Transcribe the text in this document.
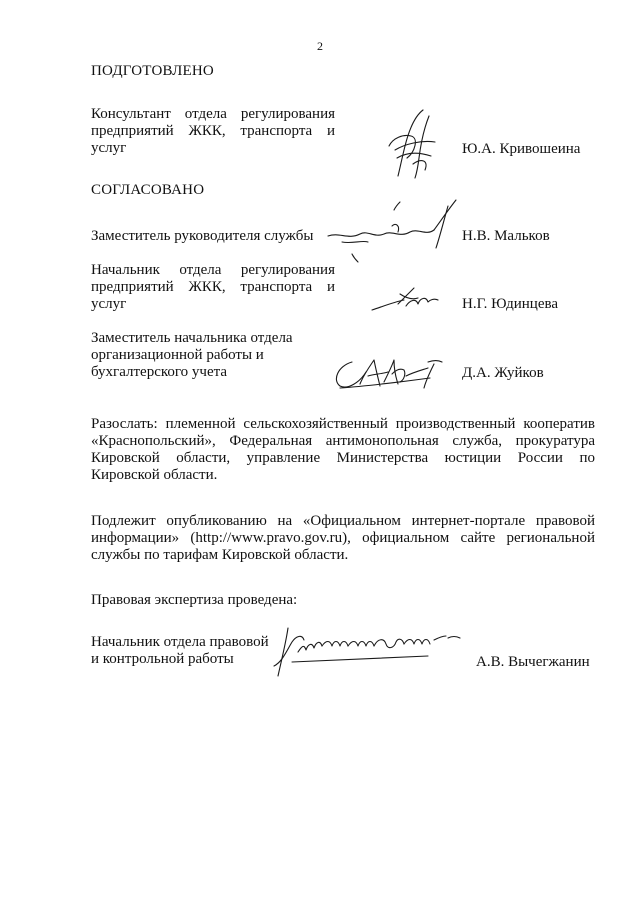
2
ПОДГОТОВЛЕНО
Консультант отдела регулирования
предприятий ЖКК, транспорта и
услуг	Ю.А. Кривошеина
СОГЛАСОВАНО
Заместитель руководителя службы	Н.В. Мальков
Начальник отдела регулирования
предприятий ЖКК, транспорта и
услуг	Н.Г. Юдинцева
Заместитель начальника отдела
организационной работы и
бухгалтерского учета	Д.А. Жуйков
Разослать: племенной сельскохозяйственный производственный кооператив
«Краснопольский», Федеральная антимонопольная служба, прокуратура
Кировской области, управление Министерства юстиции России по
Кировской области.
Подлежит опубликованию на «Официальном интернет-портале правовой
информации» (http://www.pravo.gov.ru), официальном сайте региональной
службы по тарифам Кировской области.
Правовая экспертиза проведена:
Начальник отдела правовой
и контрольной работы	А.В. Вычегжанин
